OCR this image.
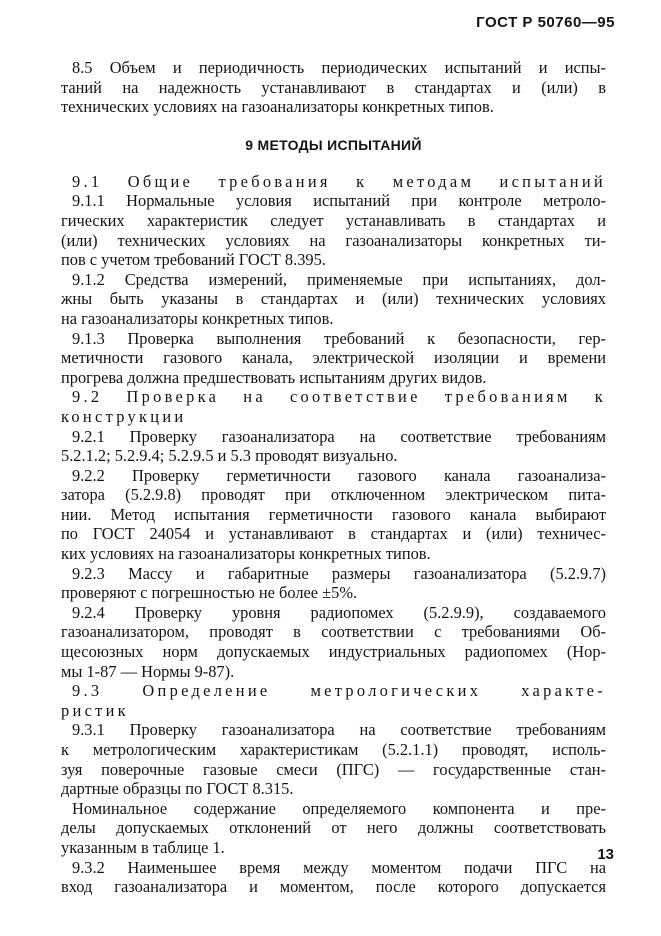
ГОСТ Р 50760—95
8.5 Объем и периодичность периодических испытаний и испы-
таний на надежность устанавливают в стандартах и (или) в
технических условиях на газоанализаторы конкретных типов.
9 МЕТОДЫ ИСПЫТАНИЙ
9.1 Общие требования к методам испытаний
9.1.1 Нормальные условия испытаний при контроле метроло-
гических характеристик следует устанавливать в стандартах и
(или) технических условиях на газоанализаторы конкретных ти-
пов с учетом требований ГОСТ 8.395.
9.1.2 Средства измерений, применяемые при испытаниях, дол-
жны быть указаны в стандартах и (или) технических условиях
на газоанализаторы конкретных типов.
9.1.3 Проверка выполнения требований к безопасности, гер-
метичности газового канала, электрической изоляции и времени
прогрева должна предшествовать испытаниям других видов.
9.2 Проверка на соответствие требованиям к
конструкции
9.2.1 Проверку газоанализатора на соответствие требованиям
5.2.1.2; 5.2.9.4; 5.2.9.5 и 5.3 проводят визуально.
9.2.2 Проверку герметичности газового канала газоанализа-
затора (5.2.9.8) проводят при отключенном электрическом пита-
нии. Метод испытания герметичности газового канала выбирают
по ГОСТ 24054 и устанавливают в стандартах и (или) техничес-
ких условиях на газоанализаторы конкретных типов.
9.2.3 Массу и габаритные размеры газоанализатора (5.2.9.7)
проверяют с погрешностью не более ±5%.
9.2.4 Проверку уровня радиопомех (5.2.9.9), создаваемого
газоанализатором, проводят в соответствии с требованиями Об-
щесоюзных норм допускаемых индустриальных радиопомех (Нор-
мы 1-87 — Нормы 9-87).
9.3 Определение метрологических характе-
ристик
9.3.1 Проверку газоанализатора на соответствие требованиям
к метрологическим характеристикам (5.2.1.1) проводят, исполь-
зуя поверочные газовые смеси (ПГС) — государственные стан-
дартные образцы по ГОСТ 8.315.
Номинальное содержание определяемого компонента и пре-
делы допускаемых отклонений от него должны соответствовать
указанным в таблице 1.
9.3.2 Наименьшее время между моментом подачи ПГС на
вход газоанализатора и моментом, после которого допускается
13
